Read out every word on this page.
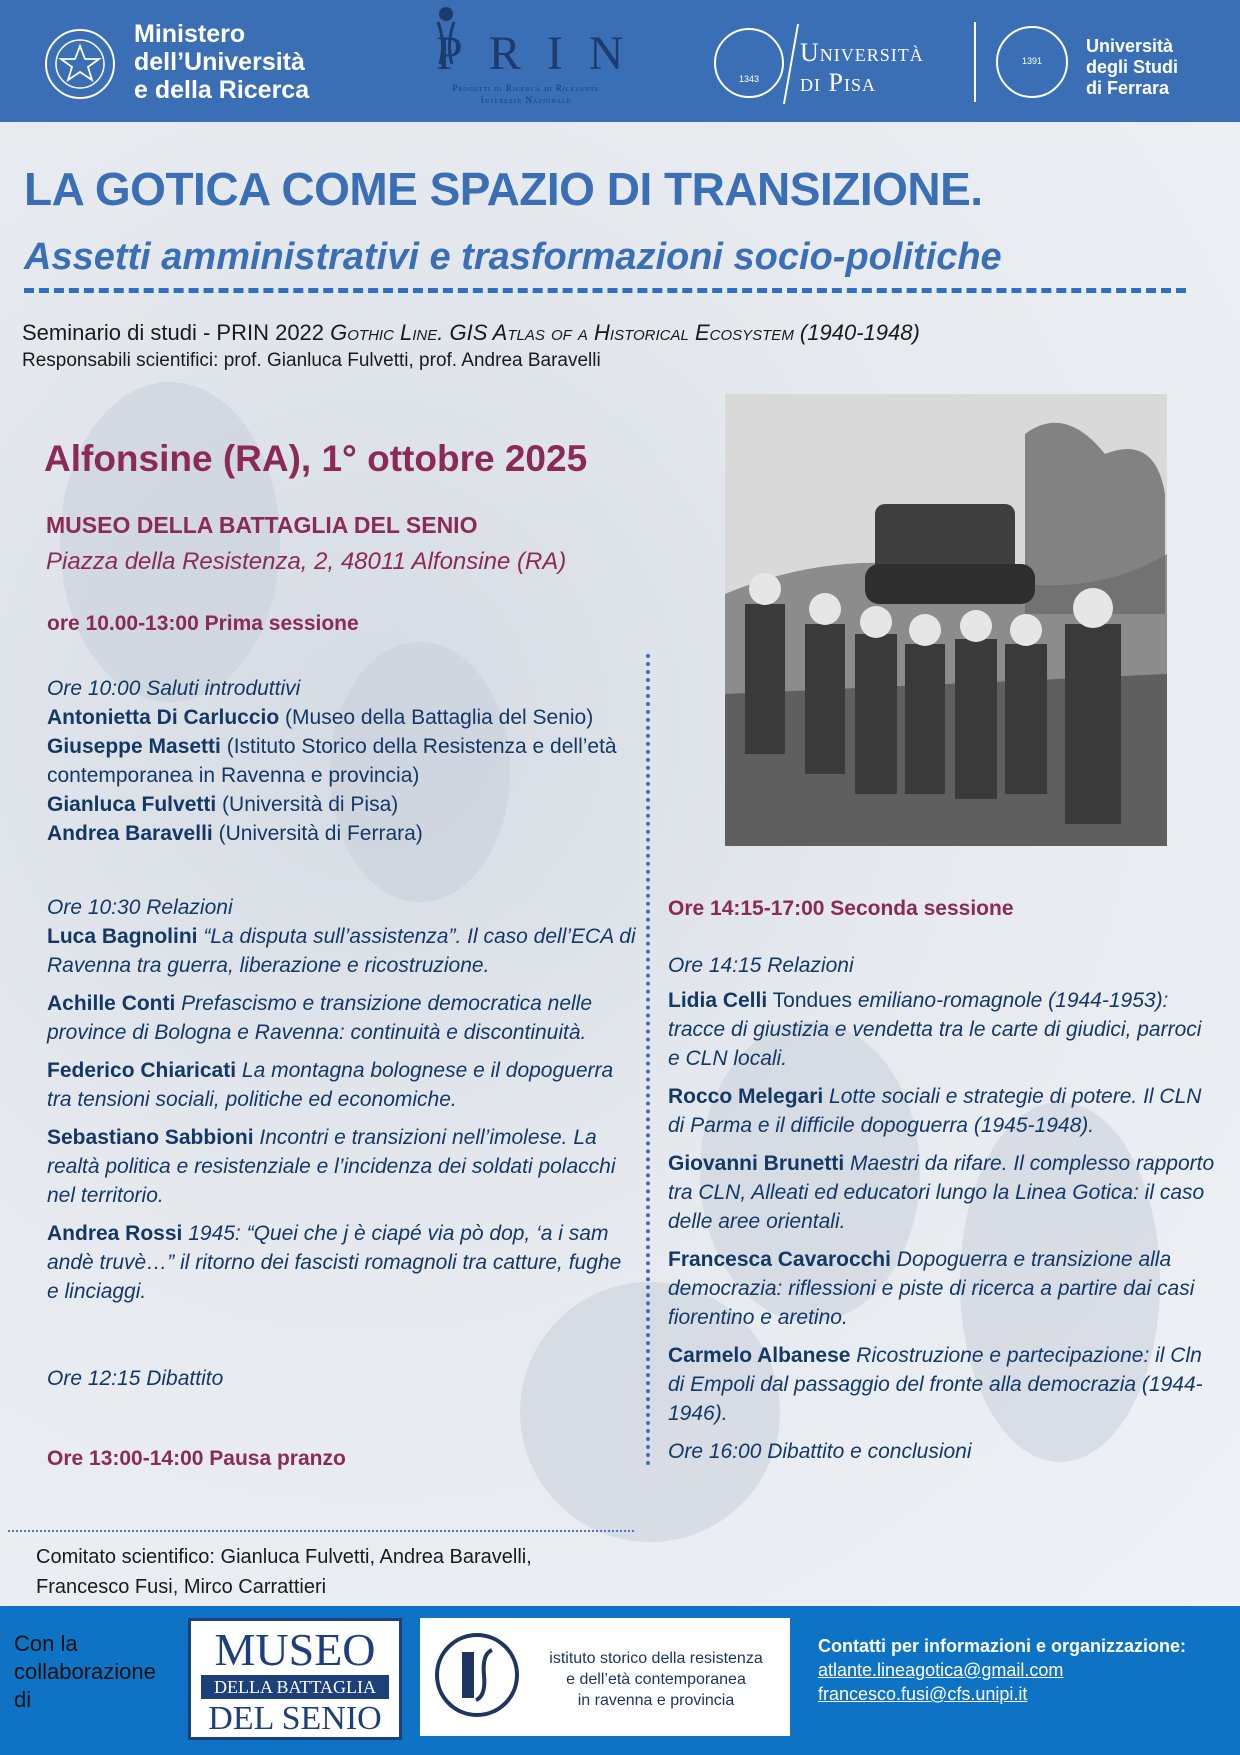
Ministero
dell’Università
e della Ricerca
PRIN
Progetti di Ricerca di Rilevante Interesse Nazionale
1343
Università
di Pisa
1391
Università
degli Studi
di Ferrara
LA GOTICA COME SPAZIO DI TRANSIZIONE.
Assetti amministrativi e trasformazioni socio-politiche
Seminario di studi - PRIN 2022 Gothic Line. GIS Atlas of a Historical Ecosystem (1940-1948)
Responsabili scientifici: prof. Gianluca Fulvetti, prof. Andrea Baravelli
Alfonsine (RA), 1° ottobre 2025
MUSEO DELLA BATTAGLIA DEL SENIO
Piazza della Resistenza, 2, 48011 Alfonsine (RA)
ore 10.00-13:00 Prima sessione
Ore 10:00 Saluti introduttivi
Antonietta Di Carluccio (Museo della Battaglia del Senio)
Giuseppe Masetti (Istituto Storico della Resistenza e dell’età contemporanea in Ravenna e provincia)
Gianluca Fulvetti (Università di Pisa)
Andrea Baravelli (Università di Ferrara)
Ore 10:30 Relazioni

Luca Bagnolini “La disputa sull’assistenza”. Il caso dell’ECA di Ravenna tra guerra, liberazione e ricostruzione.

Achille Conti Prefascismo e transizione democratica nelle province di Bologna e Ravenna: continuità e discontinuità.

Federico Chiaricati La montagna bolognese e il dopoguerra tra tensioni sociali, politiche ed economiche.

Sebastiano Sabbioni Incontri e transizioni nell’imolese. La realtà politica e resistenziale e l’incidenza dei soldati polacchi nel territorio.

Andrea Rossi 1945: “Quei che j è ciapé via pò dop, ‘a i sam andè truvè…” il ritorno dei fascisti romagnoli tra catture, fughe e linciaggi.

Ore 12:15 Dibattito
Ore 13:00-14:00 Pausa pranzo
Ore 14:15-17:00 Seconda sessione
Ore 14:15 Relazioni

Lidia Celli Tondues emiliano-romagnole (1944-1953): tracce di giustizia e vendetta tra le carte di giudici, parroci e CLN locali.

Rocco Melegari Lotte sociali e strategie di potere. Il CLN di Parma e il difficile dopoguerra (1945-1948).

Giovanni Brunetti Maestri da rifare. Il complesso rapporto tra CLN, Alleati ed educatori lungo la Linea Gotica: il caso delle aree orientali.

Francesca Cavarocchi Dopoguerra e transizione alla democrazia: riflessioni e piste di ricerca a partire dai casi fiorentino e aretino.

Carmelo Albanese Ricostruzione e partecipazione: il Cln di Empoli dal passaggio del fronte alla democrazia (1944-1946).

Ore 16:00 Dibattito e conclusioni
Comitato scientifico: Gianluca Fulvetti, Andrea Baravelli,
Francesco Fusi, Mirco Carrattieri
Con la
collaborazione
di
MUSEO
DELLA BATTAGLIA
DEL SENIO
istituto storico della resistenza
e dell’età contemporanea
in ravenna e provincia
Contatti per informazioni e organizzazione:
atlante.lineagotica@gmail.com
francesco.fusi@cfs.unipi.it
